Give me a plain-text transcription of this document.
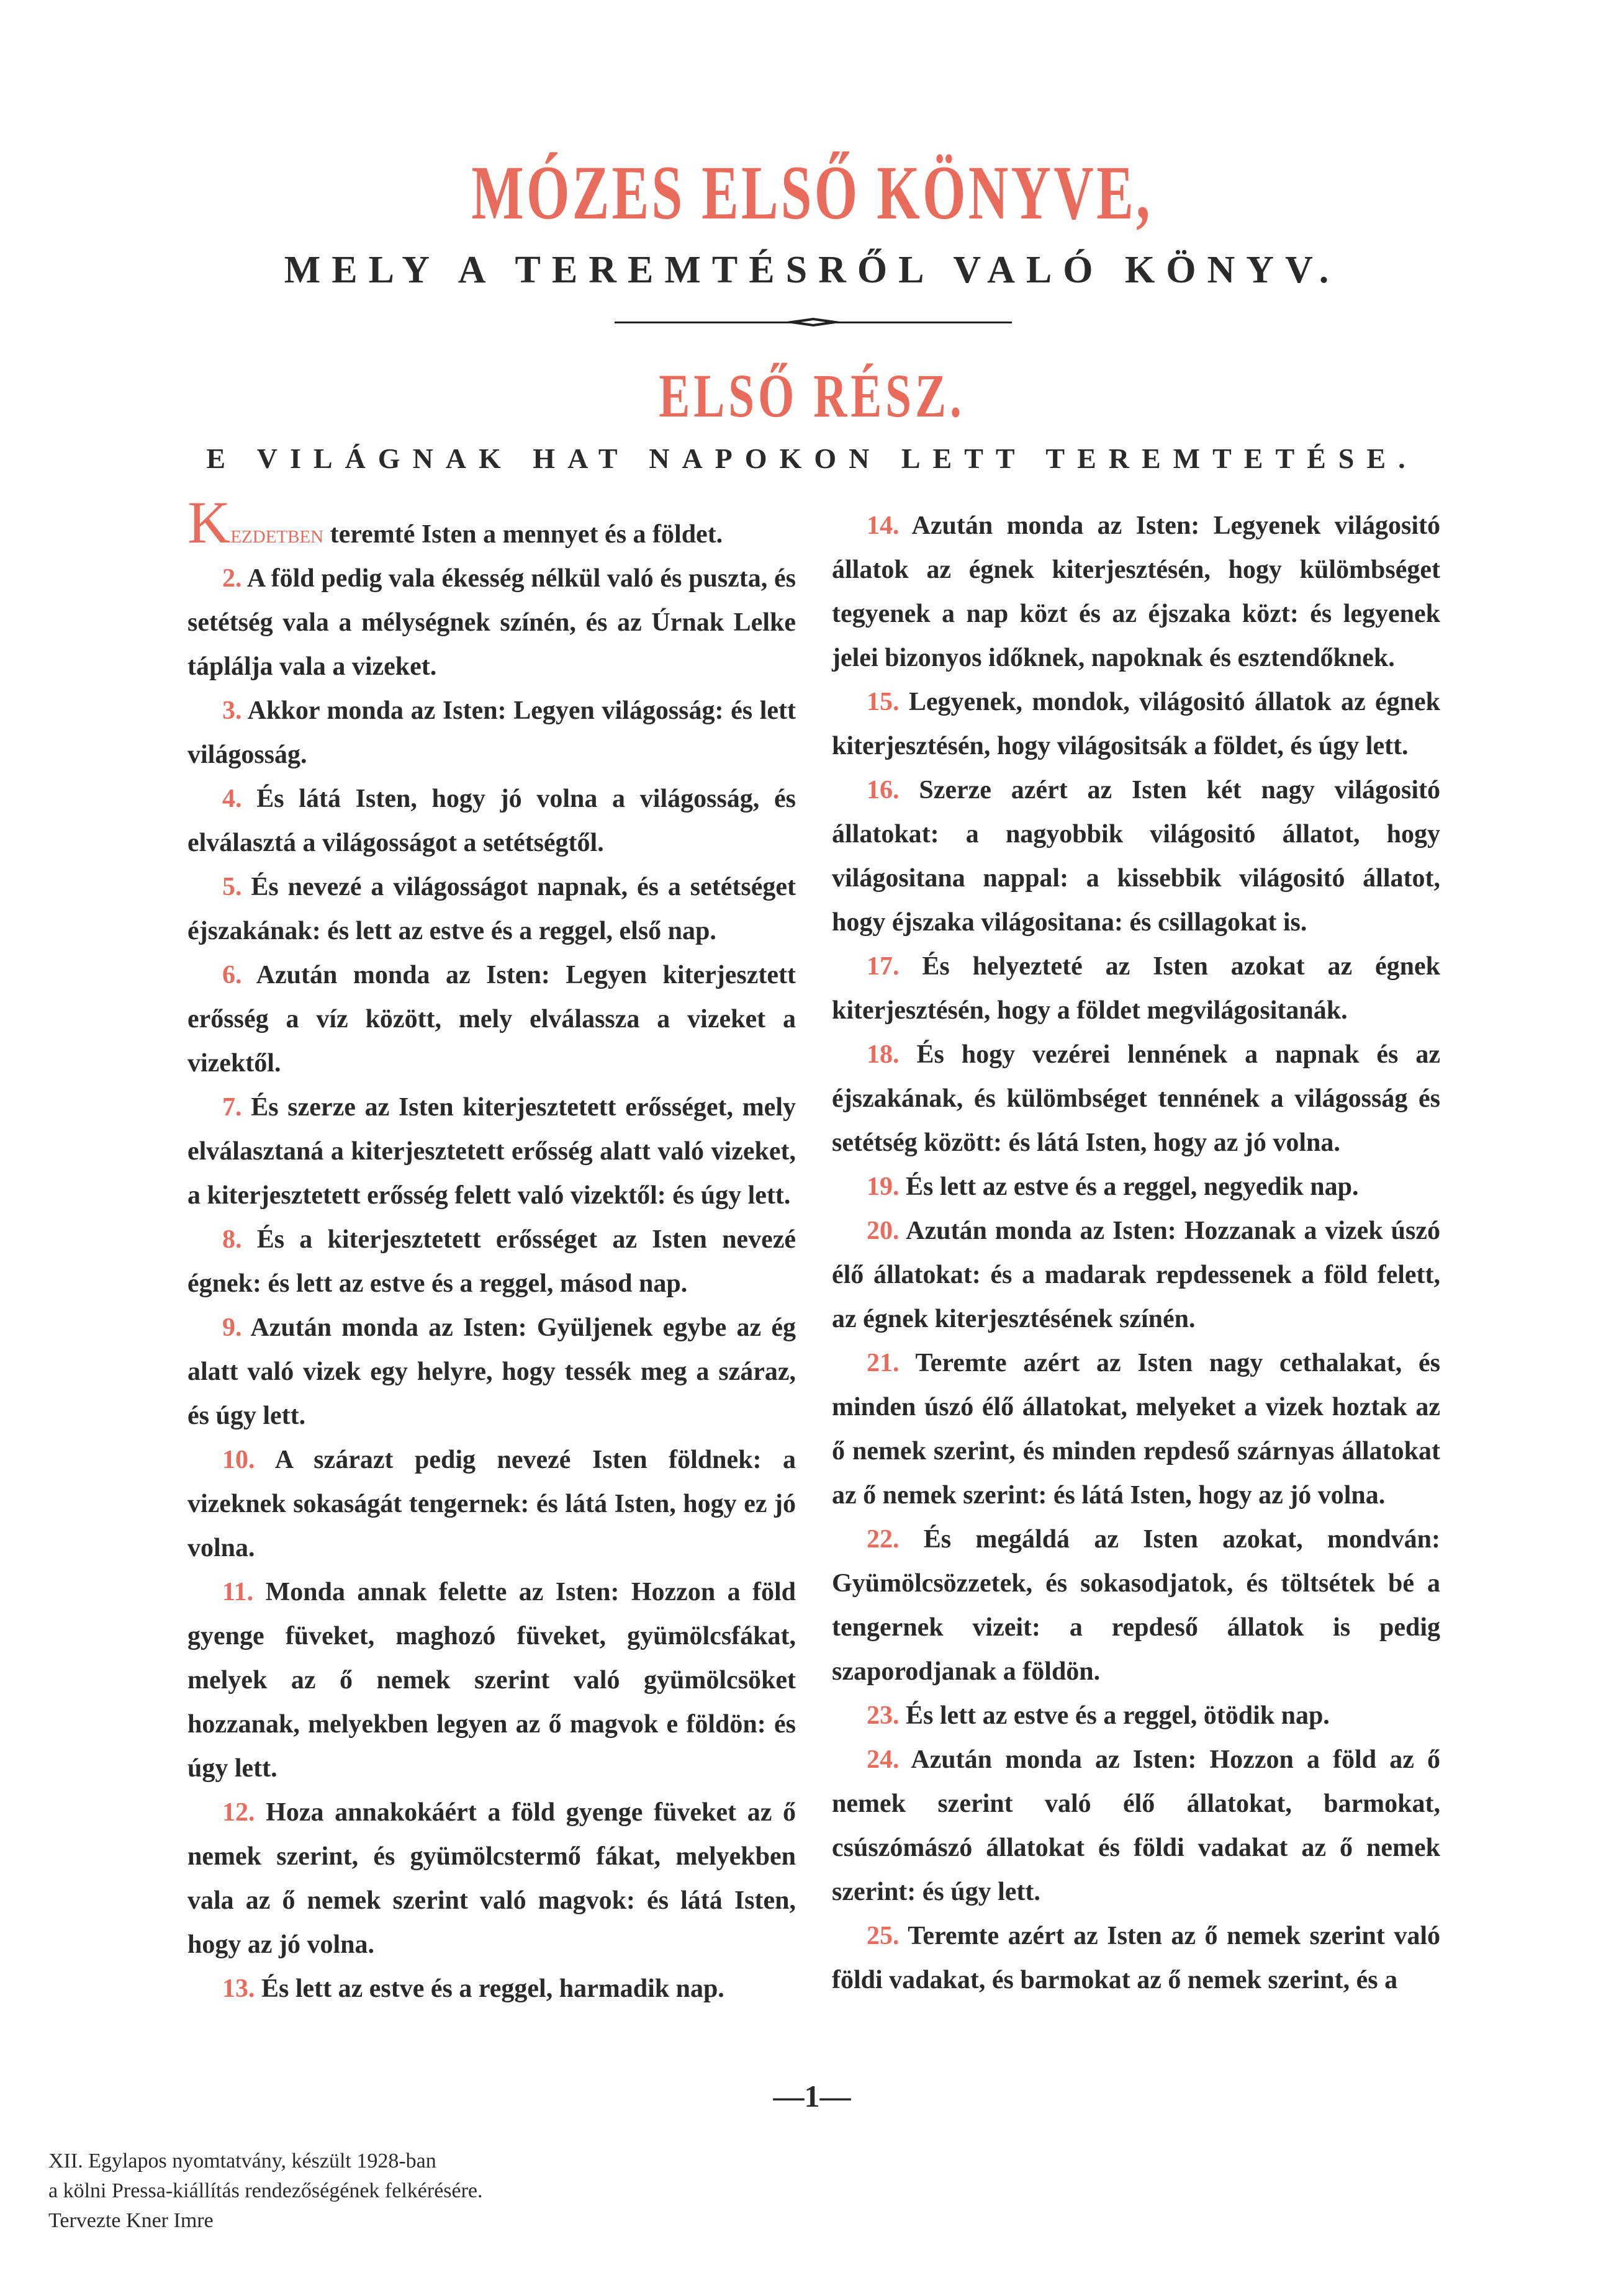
MÓZES ELSŐ KÖNYVE,
MELY A TEREMTÉSRŐL VALÓ KÖNYV.
ELSŐ RÉSZ.
E VILÁGNAK HAT NAPOKON LETT TEREMTETÉSE.

Kezdetben teremté Isten a mennyet és a földet.

2. A föld pedig vala ékesség nélkül való és puszta, és setétség vala a mélységnek színén, és az Úrnak Lelke táplálja vala a vizeket.

3. Akkor monda az Isten: Legyen világosság: és lett világosság.

4. És látá Isten, hogy jó volna a világosság, és elválasztá a világosságot a setétségtől.

5. És nevezé a világosságot napnak, és a setétséget éjszakának: és lett az estve és a reggel, első nap.

6. Azután monda az Isten: Legyen kiterjesztett erősség a víz között, mely elválassza a vizeket a vizektől.

7. És szerze az Isten kiterjesztetett erősséget, mely elválasztaná a kiterjesztetett erősség alatt való vizeket, a kiterjesztetett erősség felett való vizektől: és úgy lett.

8. És a kiterjesztetett erősséget az Isten nevezé égnek: és lett az estve és a reggel, másod nap.

9. Azután monda az Isten: Gyüljenek egybe az ég alatt való vizek egy helyre, hogy tessék meg a száraz, és úgy lett.

10. A szárazt pedig nevezé Isten földnek: a vizeknek sokaságát tengernek: és látá Isten, hogy ez jó volna.

11. Monda annak felette az Isten: Hozzon a föld gyenge füveket, maghozó füveket, gyümölcsfákat, melyek az ő nemek szerint való gyümölcsöket hozzanak, melyekben legyen az ő magvok e földön: és úgy lett.

12. Hoza annakokáért a föld gyenge füveket az ő nemek szerint, és gyümölcstermő fákat, melyekben vala az ő nemek szerint való magvok: és látá Isten, hogy az jó volna.

13. És lett az estve és a reggel, harmadik nap.

14. Azután monda az Isten: Legyenek világositó állatok az égnek kiterjesztésén, hogy külömbséget tegyenek a nap közt és az éjszaka közt: és legyenek jelei bizonyos időknek, napoknak és esztendőknek.

15. Legyenek, mondok, világositó állatok az égnek kiterjesztésén, hogy világositsák a földet, és úgy lett.

16. Szerze azért az Isten két nagy világositó állatokat: a nagyobbik világositó állatot, hogy világositana nappal: a kissebbik világositó állatot, hogy éjszaka világositana: és csillagokat is.

17. És helyezteté az Isten azokat az égnek kiterjesztésén, hogy a földet megvilágositanák.

18. És hogy vezérei lennének a napnak és az éjszakának, és külömbséget tennének a világosság és setétség között: és látá Isten, hogy az jó volna.

19. És lett az estve és a reggel, negyedik nap.

20. Azután monda az Isten: Hozzanak a vizek úszó élő állatokat: és a madarak repdessenek a föld felett, az égnek kiterjesztésének színén.

21. Teremte azért az Isten nagy cethalakat, és minden úszó élő állatokat, melyeket a vizek hoztak az ő nemek szerint, és minden repdeső szárnyas állatokat az ő nemek szerint: és látá Isten, hogy az jó volna.

22. És megáldá az Isten azokat, mondván: Gyümölcsözzetek, és sokasodjatok, és töltsétek bé a tengernek vizeit: a repdeső állatok is pedig szaporodjanak a földön.

23. És lett az estve és a reggel, ötödik nap.

24. Azután monda az Isten: Hozzon a föld az ő nemek szerint való élő állatokat, barmokat, csúszómászó állatokat és földi vadakat az ő nemek szerint: és úgy lett.

25. Teremte azért az Isten az ő nemek szerint való földi vadakat, és barmokat az ő nemek szerint, és a

—1—
XII. Egylapos nyomtatvány, készült 1928-ban
a kölni Pressa-kiállítás rendezőségének felkérésére.
Tervezte Kner Imre
